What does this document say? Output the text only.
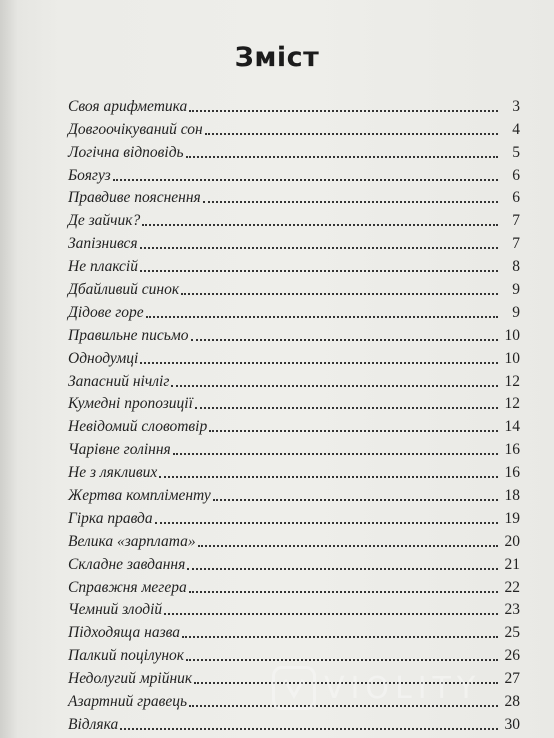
Зміст
Своя арифметика	3
Довгоочікуваний сон	4
Логічна відповідь	5
Боягуз	6
Правдиве пояснення	6
Де зайчик?	7
Запізнився	7
Не плаксій	8
Дбайливий синок	9
Дідове горе	9
Правильне письмо	10
Однодумці	10
Запасний нічліг	12
Кумедні пропозиції	12
Невідомий словотвір	14
Чарівне гоління	16
Не з лякливих	16
Жертва компліменту	18
Гірка правда	19
Велика «зарплата»	20
Складне завдання	21
Справжня мегера	22
Чемний злодій	23
Підходяща назва	25
Палкий поцілунок	26
Недолугий мрійник	27
Азартний гравець	28
Відляка	30
VIOLITY
